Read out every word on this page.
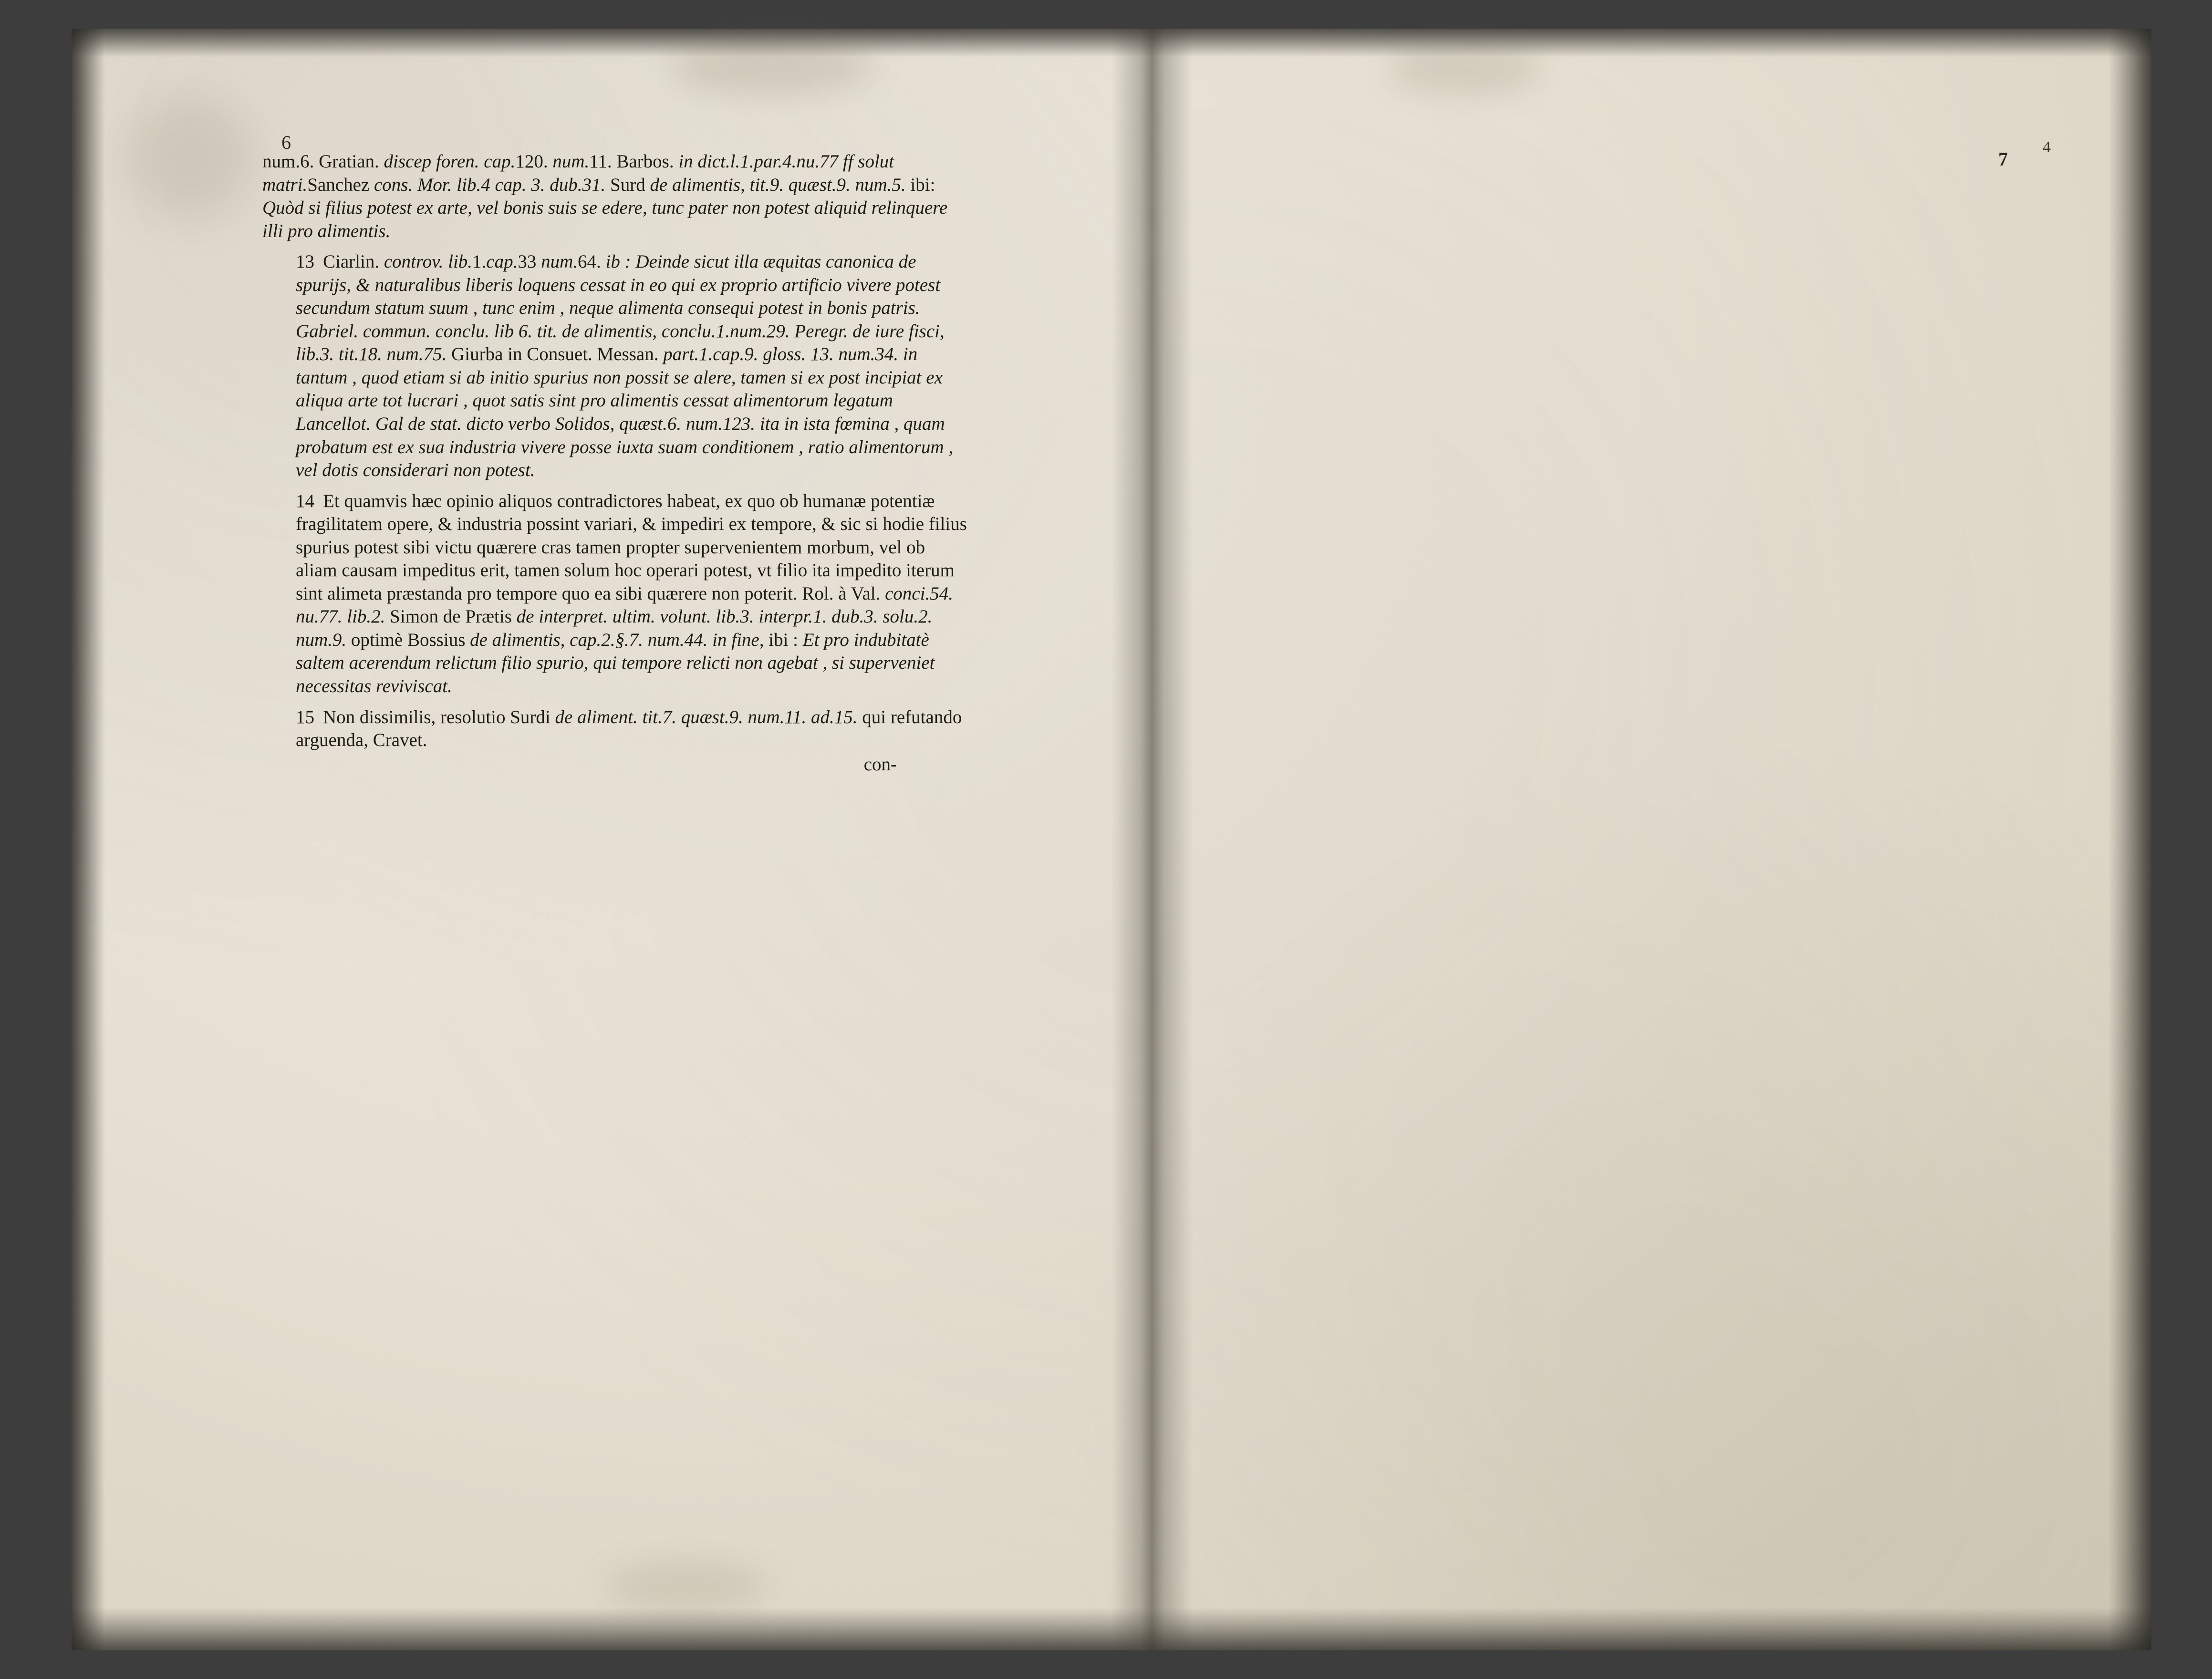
6

num.6. Gratian. discep foren. cap.120. num.11. Barbos. in dict.l.1.par.4.nu.77 ff solut matri.Sanchez cons. Mor. lib.4 cap. 3. dub.31. Surd de alimentis, tit.9. quæst.9. num.5. ibi: Quòd si filius potest ex arte, vel bonis suis se edere, tunc pater non potest aliquid relinquere illi pro alimentis.

13 Ciarlin. controv. lib.1.cap.33 num.64. ib : Deinde sicut illa æquitas canonica de spurijs, & naturalibus liberis loquens cessat in eo qui ex proprio artificio vivere potest secundum statum suum , tunc enim , neque alimenta consequi potest in bonis patris. Gabriel. commun. conclu. lib 6. tit. de alimentis, conclu.1.num.29. Peregr. de iure fisci, lib.3. tit.18. num.75. Giurba in Consuet. Messan. part.1.cap.9. gloss. 13. num.34. in tantum , quod etiam si ab initio spurius non possit se alere, tamen si ex post incipiat ex aliqua arte tot lucrari , quot satis sint pro alimentis cessat alimentorum legatum Lancellot. Gal de stat. dicto verbo Solidos, quæst.6. num.123. ita in ista fœmina , quam probatum est ex sua industria vivere posse iuxta suam conditionem , ratio alimentorum , vel dotis considerari non potest.

14 Et quamvis hæc opinio aliquos contradictores habeat, ex quo ob humanæ potentiæ fragilitatem opere, & industria possint variari, & impediri ex tempore, & sic si hodie filius spurius potest sibi victu quærere cras tamen propter supervenientem morbum, vel ob aliam causam impeditus erit, tamen solum hoc operari potest, vt filio ita impedito iterum sint alimeta præstanda pro tempore quo ea sibi quærere non poterit. Rol. à Val. conci.54. nu.77. lib.2. Simon de Prætis de interpret. ultim. volunt. lib.3. interpr.1. dub.3. solu.2. num.9. optimè Bossius de alimentis, cap.2.§.7. num.44. in fine, ibi : Et pro indubitatè saltem acerendum relictum filio spurio, qui tempore relicti non agebat , si superveniet necessitas reviviscat.

15 Non dissimilis, resolutio Surdi de aliment. tit.7. quæst.9. num.11. ad.15. qui refutando arguenda, Cravet.

con-

7
4
